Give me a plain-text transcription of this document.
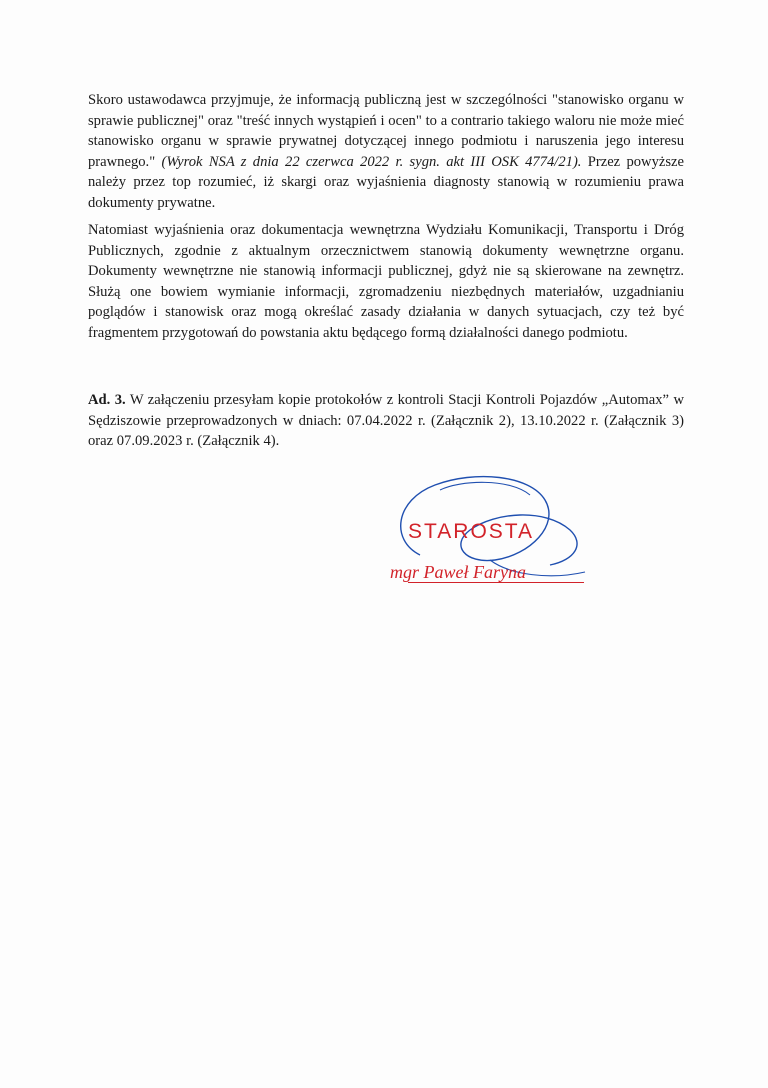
Skoro ustawodawca przyjmuje, że informacją publiczną jest w szczególności "stanowisko organu w sprawie publicznej" oraz "treść innych wystąpień i ocen" to a contrario takiego waloru nie może mieć stanowisko organu w sprawie prywatnej dotyczącej innego podmiotu i naruszenia jego interesu prawnego." (Wyrok NSA z dnia 22 czerwca 2022 r. sygn. akt III OSK 4774/21). Przez powyższe należy przez top rozumieć, iż skargi oraz wyjaśnienia diagnosty stanowią w rozumieniu prawa dokumenty prywatne.

Natomiast wyjaśnienia oraz dokumentacja wewnętrzna Wydziału Komunikacji, Transportu i Dróg Publicznych, zgodnie z aktualnym orzecznictwem stanowią dokumenty wewnętrzne organu. Dokumenty wewnętrzne nie stanowią informacji publicznej, gdyż nie są skierowane na zewnętrz. Służą one bowiem wymianie informacji, zgromadzeniu niezbędnych materiałów, uzgadnianiu poglądów i stanowisk oraz mogą określać zasady działania w danych sytuacjach, czy też być fragmentem przygotowań do powstania aktu będącego formą działalności danego podmiotu.

Ad. 3. W załączeniu przesyłam kopie protokołów z kontroli Stacji Kontroli Pojazdów „Automax” w Sędziszowie przeprowadzonych w dniach: 07.04.2022 r. (Załącznik 2), 13.10.2022 r. (Załącznik 3) oraz 07.09.2023 r. (Załącznik 4).

STAROSTA
mgr Paweł Faryna
